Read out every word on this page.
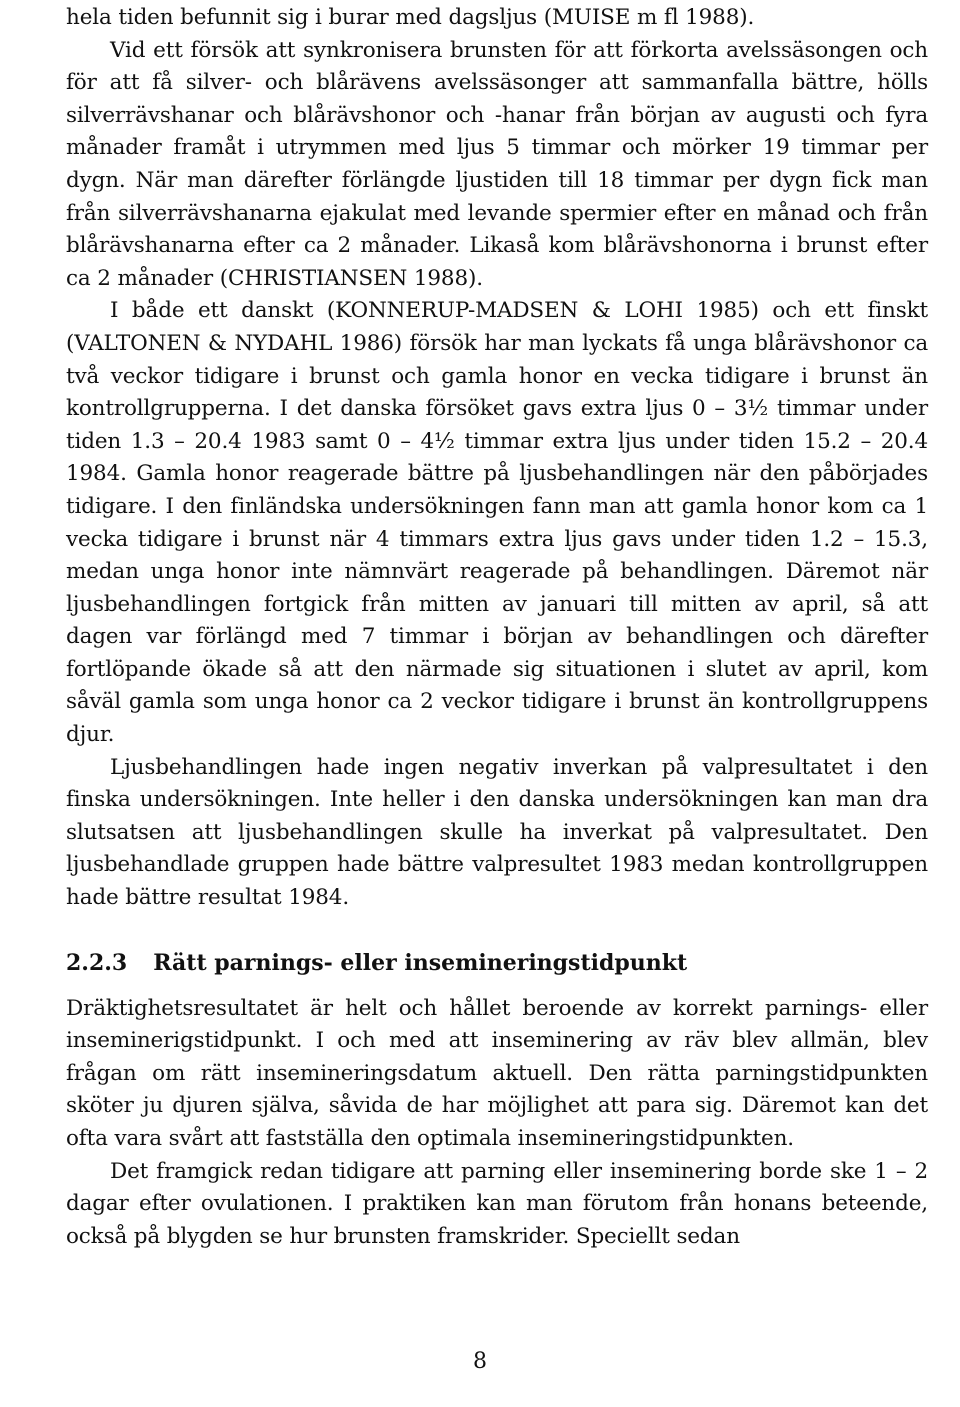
hela tiden befunnit sig i burar med dagsljus (MUISE m fl 1988).

Vid ett försök att synkronisera brunsten för att förkorta avelssäsongen och för att få silver- och blårävens avelssäsonger att sammanfalla bättre, hölls silverrävshanar och blårävshonor och -hanar från början av augusti och fyra månader framåt i utrymmen med ljus 5 timmar och mörker 19 timmar per dygn. När man därefter förlängde ljustiden till 18 timmar per dygn fick man från silverrävshanarna ejakulat med levande spermier efter en månad och från blårävshanarna efter ca 2 månader. Likaså kom blårävshonorna i brunst efter ca 2 månader (CHRISTIANSEN 1988).

I både ett danskt (KONNERUP-MADSEN & LOHI 1985) och ett finskt (VALTONEN & NYDAHL 1986) försök har man lyckats få unga blårävshonor ca två veckor tidigare i brunst och gamla honor en vecka tidigare i brunst än kontrollgrupperna. I det danska försöket gavs extra ljus 0 – 3½ timmar under tiden 1.3 – 20.4 1983 samt 0 – 4½ timmar extra ljus under tiden 15.2 – 20.4 1984. Gamla honor reagerade bättre på ljusbehandlingen när den påbörjades tidigare. I den finländska undersökningen fann man att gamla honor kom ca 1 vecka tidigare i brunst när 4 timmars extra ljus gavs under tiden 1.2 – 15.3, medan unga honor inte nämnvärt reagerade på behandlingen. Däremot när ljusbehandlingen fortgick från mitten av januari till mitten av april, så att dagen var förlängd med 7 timmar i början av behandlingen och därefter fortlöpande ökade så att den närmade sig situationen i slutet av april, kom såväl gamla som unga honor ca 2 veckor tidigare i brunst än kontrollgruppens djur.

Ljusbehandlingen hade ingen negativ inverkan på valpresultatet i den finska undersökningen. Inte heller i den danska undersökningen kan man dra slutsatsen att ljusbehandlingen skulle ha inverkat på valpresultatet. Den ljusbehandlade gruppen hade bättre valpresultet 1983 medan kontrollgruppen hade bättre resultat 1984.

2.2.3 Rätt parnings- eller insemineringstidpunkt

Dräktighetsresultatet är helt och hållet beroende av korrekt parnings- eller inseminerigstidpunkt. I och med att inseminering av räv blev allmän, blev frågan om rätt insemineringsdatum aktuell. Den rätta parningstidpunkten sköter ju djuren själva, såvida de har möjlighet att para sig. Däremot kan det ofta vara svårt att fastställa den optimala insemineringstidpunkten.

Det framgick redan tidigare att parning eller inseminering borde ske 1 – 2 dagar efter ovulationen. I praktiken kan man förutom från honans beteende, också på blygden se hur brunsten framskrider. Speciellt sedan

8
